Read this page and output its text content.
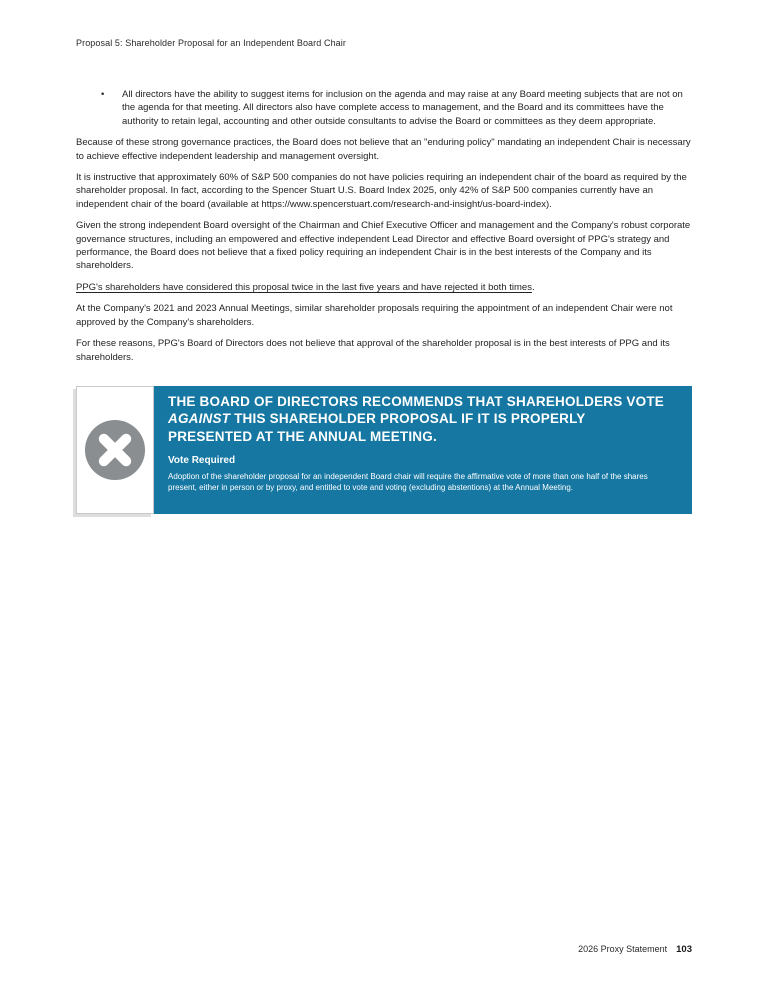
Proposal 5: Shareholder Proposal for an Independent Board Chair
• All directors have the ability to suggest items for inclusion on the agenda and may raise at any Board meeting subjects that are not on the agenda for that meeting. All directors also have complete access to management, and the Board and its committees have the authority to retain legal, accounting and other outside consultants to advise the Board or committees as they deem appropriate.

Because of these strong governance practices, the Board does not believe that an "enduring policy" mandating an independent Chair is necessary to achieve effective independent leadership and management oversight.

It is instructive that approximately 60% of S&P 500 companies do not have policies requiring an independent chair of the board as required by the shareholder proposal. In fact, according to the Spencer Stuart U.S. Board Index 2025, only 42% of S&P 500 companies currently have an independent chair of the board (available at https://www.spencerstuart.com/research-and-insight/us-board-index).

Given the strong independent Board oversight of the Chairman and Chief Executive Officer and management and the Company's robust corporate governance structures, including an empowered and effective independent Lead Director and effective Board oversight of PPG's strategy and performance, the Board does not believe that a fixed policy requiring an independent Chair is in the best interests of the Company and its shareholders.

PPG's shareholders have considered this proposal twice in the last five years and have rejected it both times.

At the Company's 2021 and 2023 Annual Meetings, similar shareholder proposals requiring the appointment of an independent Chair were not approved by the Company's shareholders.

For these reasons, PPG's Board of Directors does not believe that approval of the shareholder proposal is in the best interests of PPG and its shareholders.

THE BOARD OF DIRECTORS RECOMMENDS THAT SHAREHOLDERS VOTE AGAINST THIS SHAREHOLDER PROPOSAL IF IT IS PROPERLY PRESENTED AT THE ANNUAL MEETING.
Vote Required
Adoption of the shareholder proposal for an independent Board chair will require the affirmative vote of more than one half of the shares present, either in person or by proxy, and entitled to vote and voting (excluding abstentions) at the Annual Meeting.
2026 Proxy Statement 103
